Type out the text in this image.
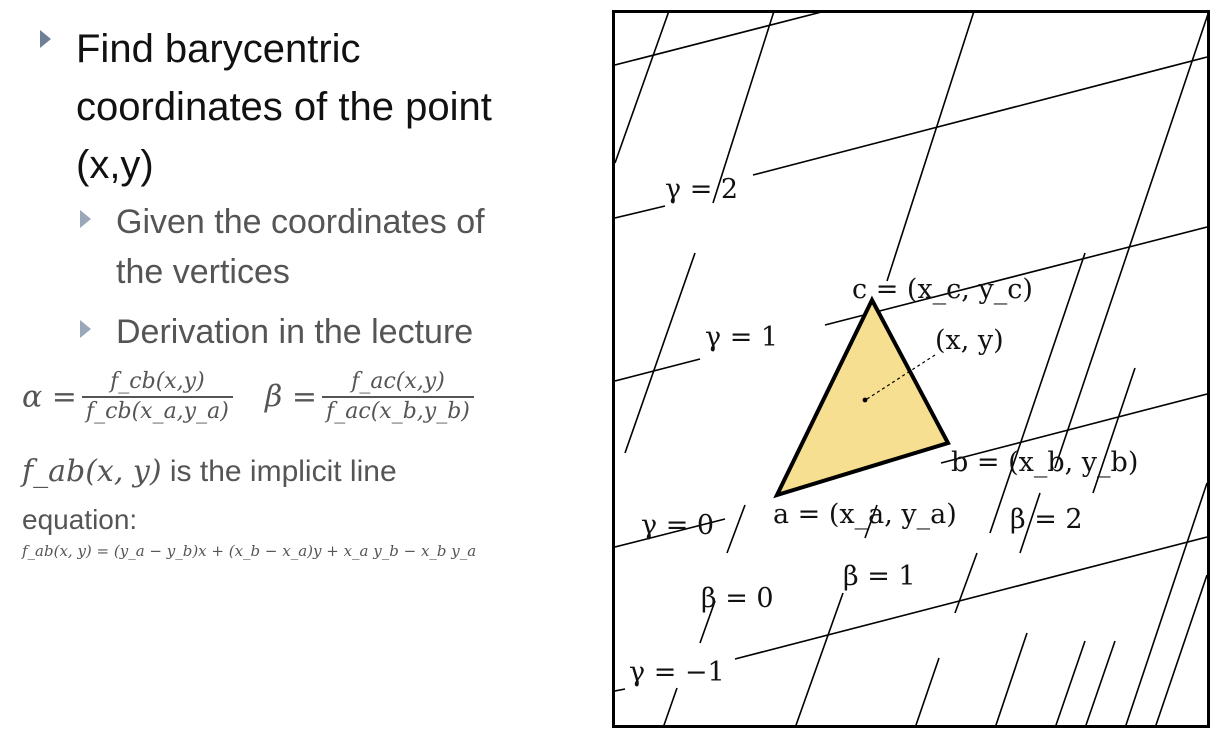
Find barycentric
coordinates of the point
(x,y)
Given the coordinates of
the vertices
Derivation in the lecture
$\alpha = \frac{f\_cb(x,y)}{f\_cb(x\_a,y\_a)}$ $\beta = \frac{f\_ac(x,y)}{f\_ac(x\_b,y\_b)}$
f_ab(x, y) is the implicit line
equation:
f_ab(x, y) = (y_a − y_b)x + (x_b − x_a)y + x_a y_b − x_b y_a
γ = 2
γ = 1
γ = 0
γ = −1
β = 0
β = 1
β = 2
c = (x_c, y_c)
(x, y)
b = (x_b, y_b)
a = (x_a, y_a)
